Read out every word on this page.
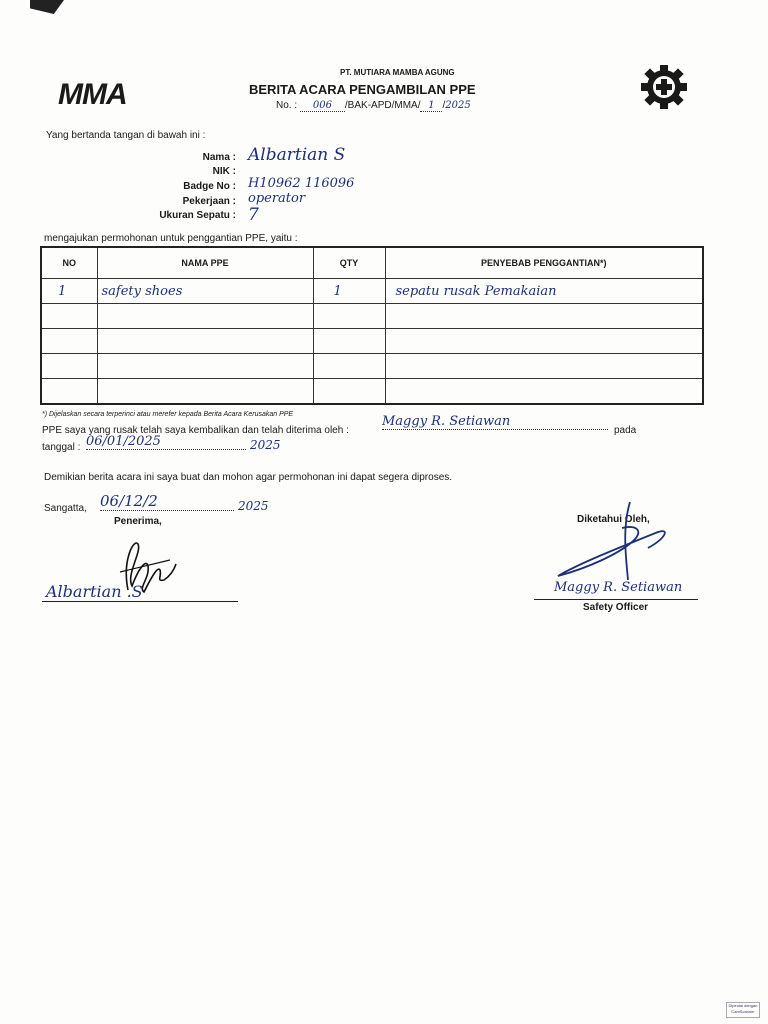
MMA
PT. MUTIARA MAMBA AGUNG
BERITA ACARA PENGAMBILAN PPE
No. : 006 /BAK-APD/MMA/ 1 /2025
Yang bertanda tangan di bawah ini :
Nama : Albartian S
NIK :
Badge No : H10962 116096
Pekerjaan : operator
Ukuran Sepatu : 7
mengajukan permohonan untuk penggantian PPE, yaitu :
NO	NAMA PPE	QTY	PENYEBAB PENGGANTIAN*)
1	safety shoes	1	sepatu rusak Pemakaian

*) Dijelaskan secara terperinci atau merefer kepada Berita Acara Kerusakan PPE
PPE saya yang rusak telah saya kembalikan dan telah diterima oleh :
Maggy R. Setiawan
pada
tanggal : 06/01/2025	2025
Demikian berita acara ini saya buat dan mohon agar permohonan ini dapat segera diproses.
Sangatta, 06/12/2	2025
Penerima,
Albartian .S
Diketahui Oleh,
Maggy R. Setiawan
Safety Officer
Dipindai dengan CamScanner
